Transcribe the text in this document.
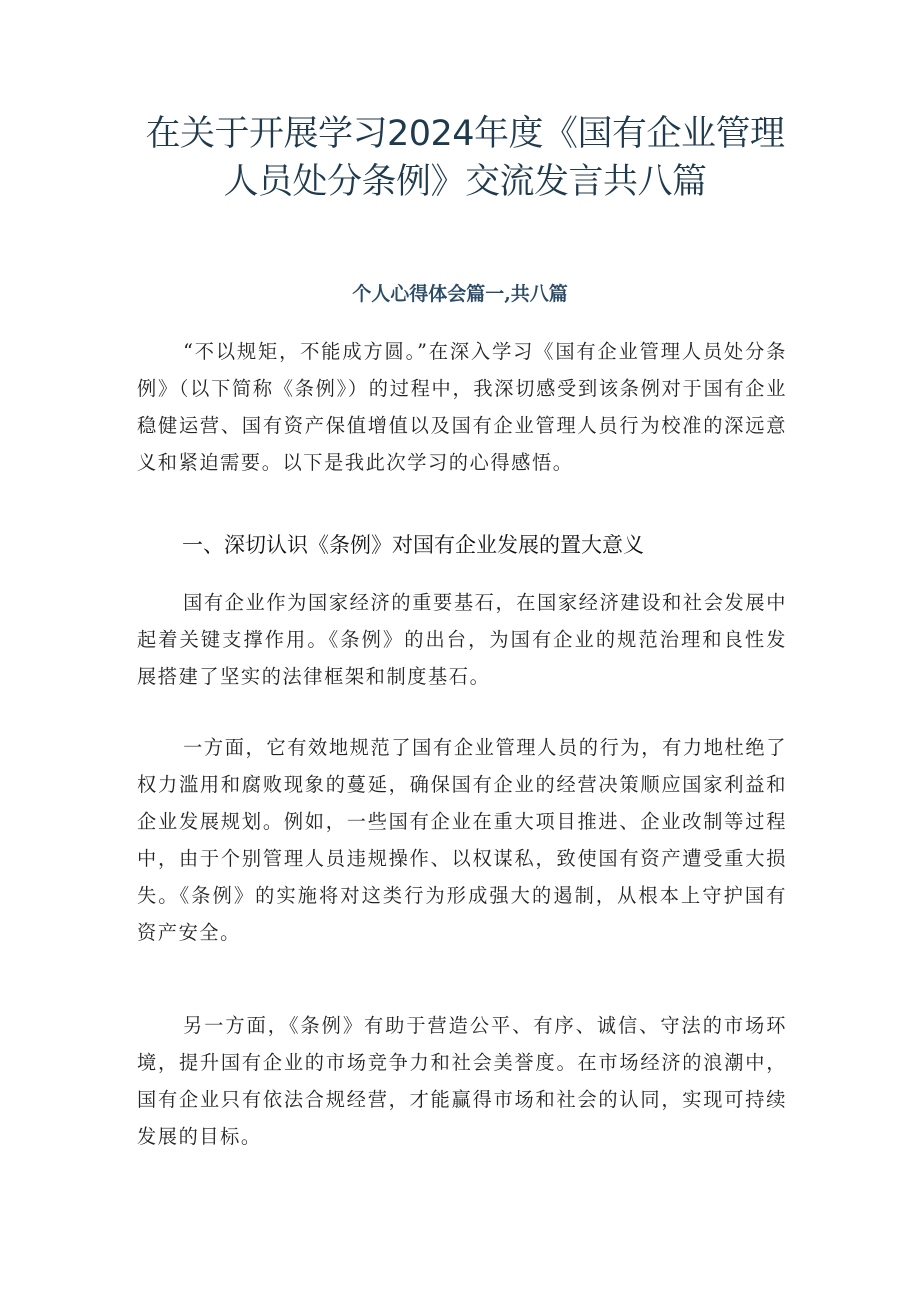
在关于开展学习2024年度《国有企业管理
人员处分条例》交流发言共八篇
个人心得体会篇一,共八篇

“不以规矩，不能成方圆。”在深入学习《国有企业管理人员处分条例》（以下简称《条例》）的过程中，我深切感受到该条例对于国有企业稳健运营、国有资产保值增值以及国有企业管理人员行为校准的深远意义和紧迫需要。以下是我此次学习的心得感悟。

一、深切认识《条例》对国有企业发展的置大意义

国有企业作为国家经济的重要基石，在国家经济建设和社会发展中起着关键支撑作用。《条例》的出台，为国有企业的规范治理和良性发展搭建了坚实的法律框架和制度基石。

一方面，它有效地规范了国有企业管理人员的行为，有力地杜绝了权力滥用和腐败现象的蔓延，确保国有企业的经营决策顺应国家利益和企业发展规划。例如，一些国有企业在重大项目推进、企业改制等过程中，由于个别管理人员违规操作、以权谋私，致使国有资产遭受重大损失。《条例》的实施将对这类行为形成强大的遏制，从根本上守护国有资产安全。

另一方面，《条例》有助于营造公平、有序、诚信、守法的市场环境，提升国有企业的市场竞争力和社会美誉度。在市场经济的浪潮中，国有企业只有依法合规经营，才能赢得市场和社会的认同，实现可持续发展的目标。
